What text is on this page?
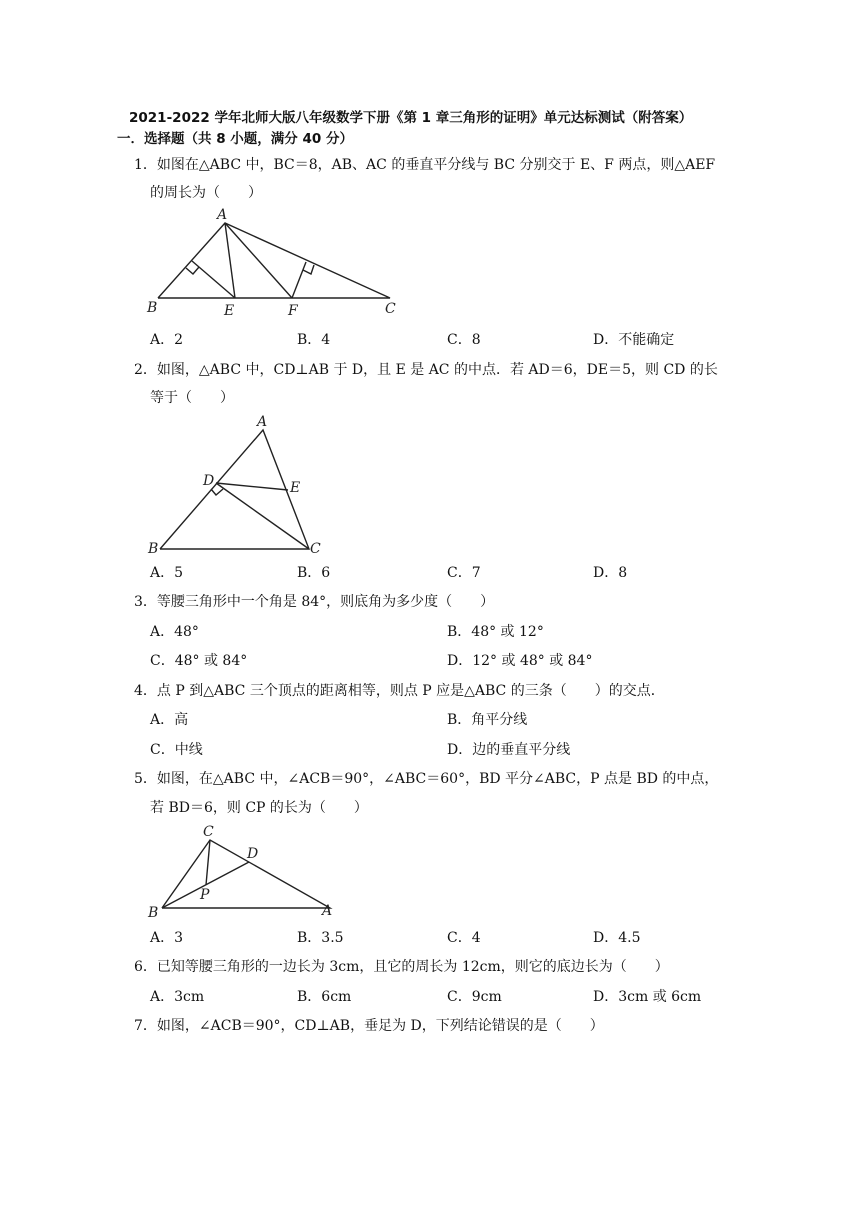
2021-2022 学年北师大版八年级数学下册《第 1 章三角形的证明》单元达标测试（附答案）
一．选择题（共 8 小题，满分 40 分）
1．如图在△ABC 中，BC＝8，AB、AC 的垂直平分线与 BC 分别交于 E、F 两点，则△AEF
的周长为（　　）
A
B	E	F	C
A．2	B．4	C．8	D．不能确定
2．如图，△ABC 中，CD⊥AB 于 D，且 E 是 AC 的中点．若 AD＝6，DE＝5，则 CD 的长
等于（　　）
A
D	E
B	C
A．5	B．6	C．7	D．8
3．等腰三角形中一个角是 84°，则底角为多少度（　　）
A．48°	B．48° 或 12°
C．48° 或 84°	D．12° 或 48° 或 84°
4．点 P 到△ABC 三个顶点的距离相等，则点 P 应是△ABC 的三条（　　）的交点．
A．高	B．角平分线
C．中线	D．边的垂直平分线
5．如图，在△ABC 中，∠ACB＝90°，∠ABC＝60°，BD 平分∠ABC，P 点是 BD 的中点，
若 BD＝6，则 CP 的长为（　　）
C
D
P
B	A
A．3	B．3.5	C．4	D．4.5
6．已知等腰三角形的一边长为 3cm，且它的周长为 12cm，则它的底边长为（　　）
A．3cm	B．6cm	C．9cm	D．3cm 或 6cm
7．如图，∠ACB＝90°，CD⊥AB，垂足为 D，下列结论错误的是（　　）
